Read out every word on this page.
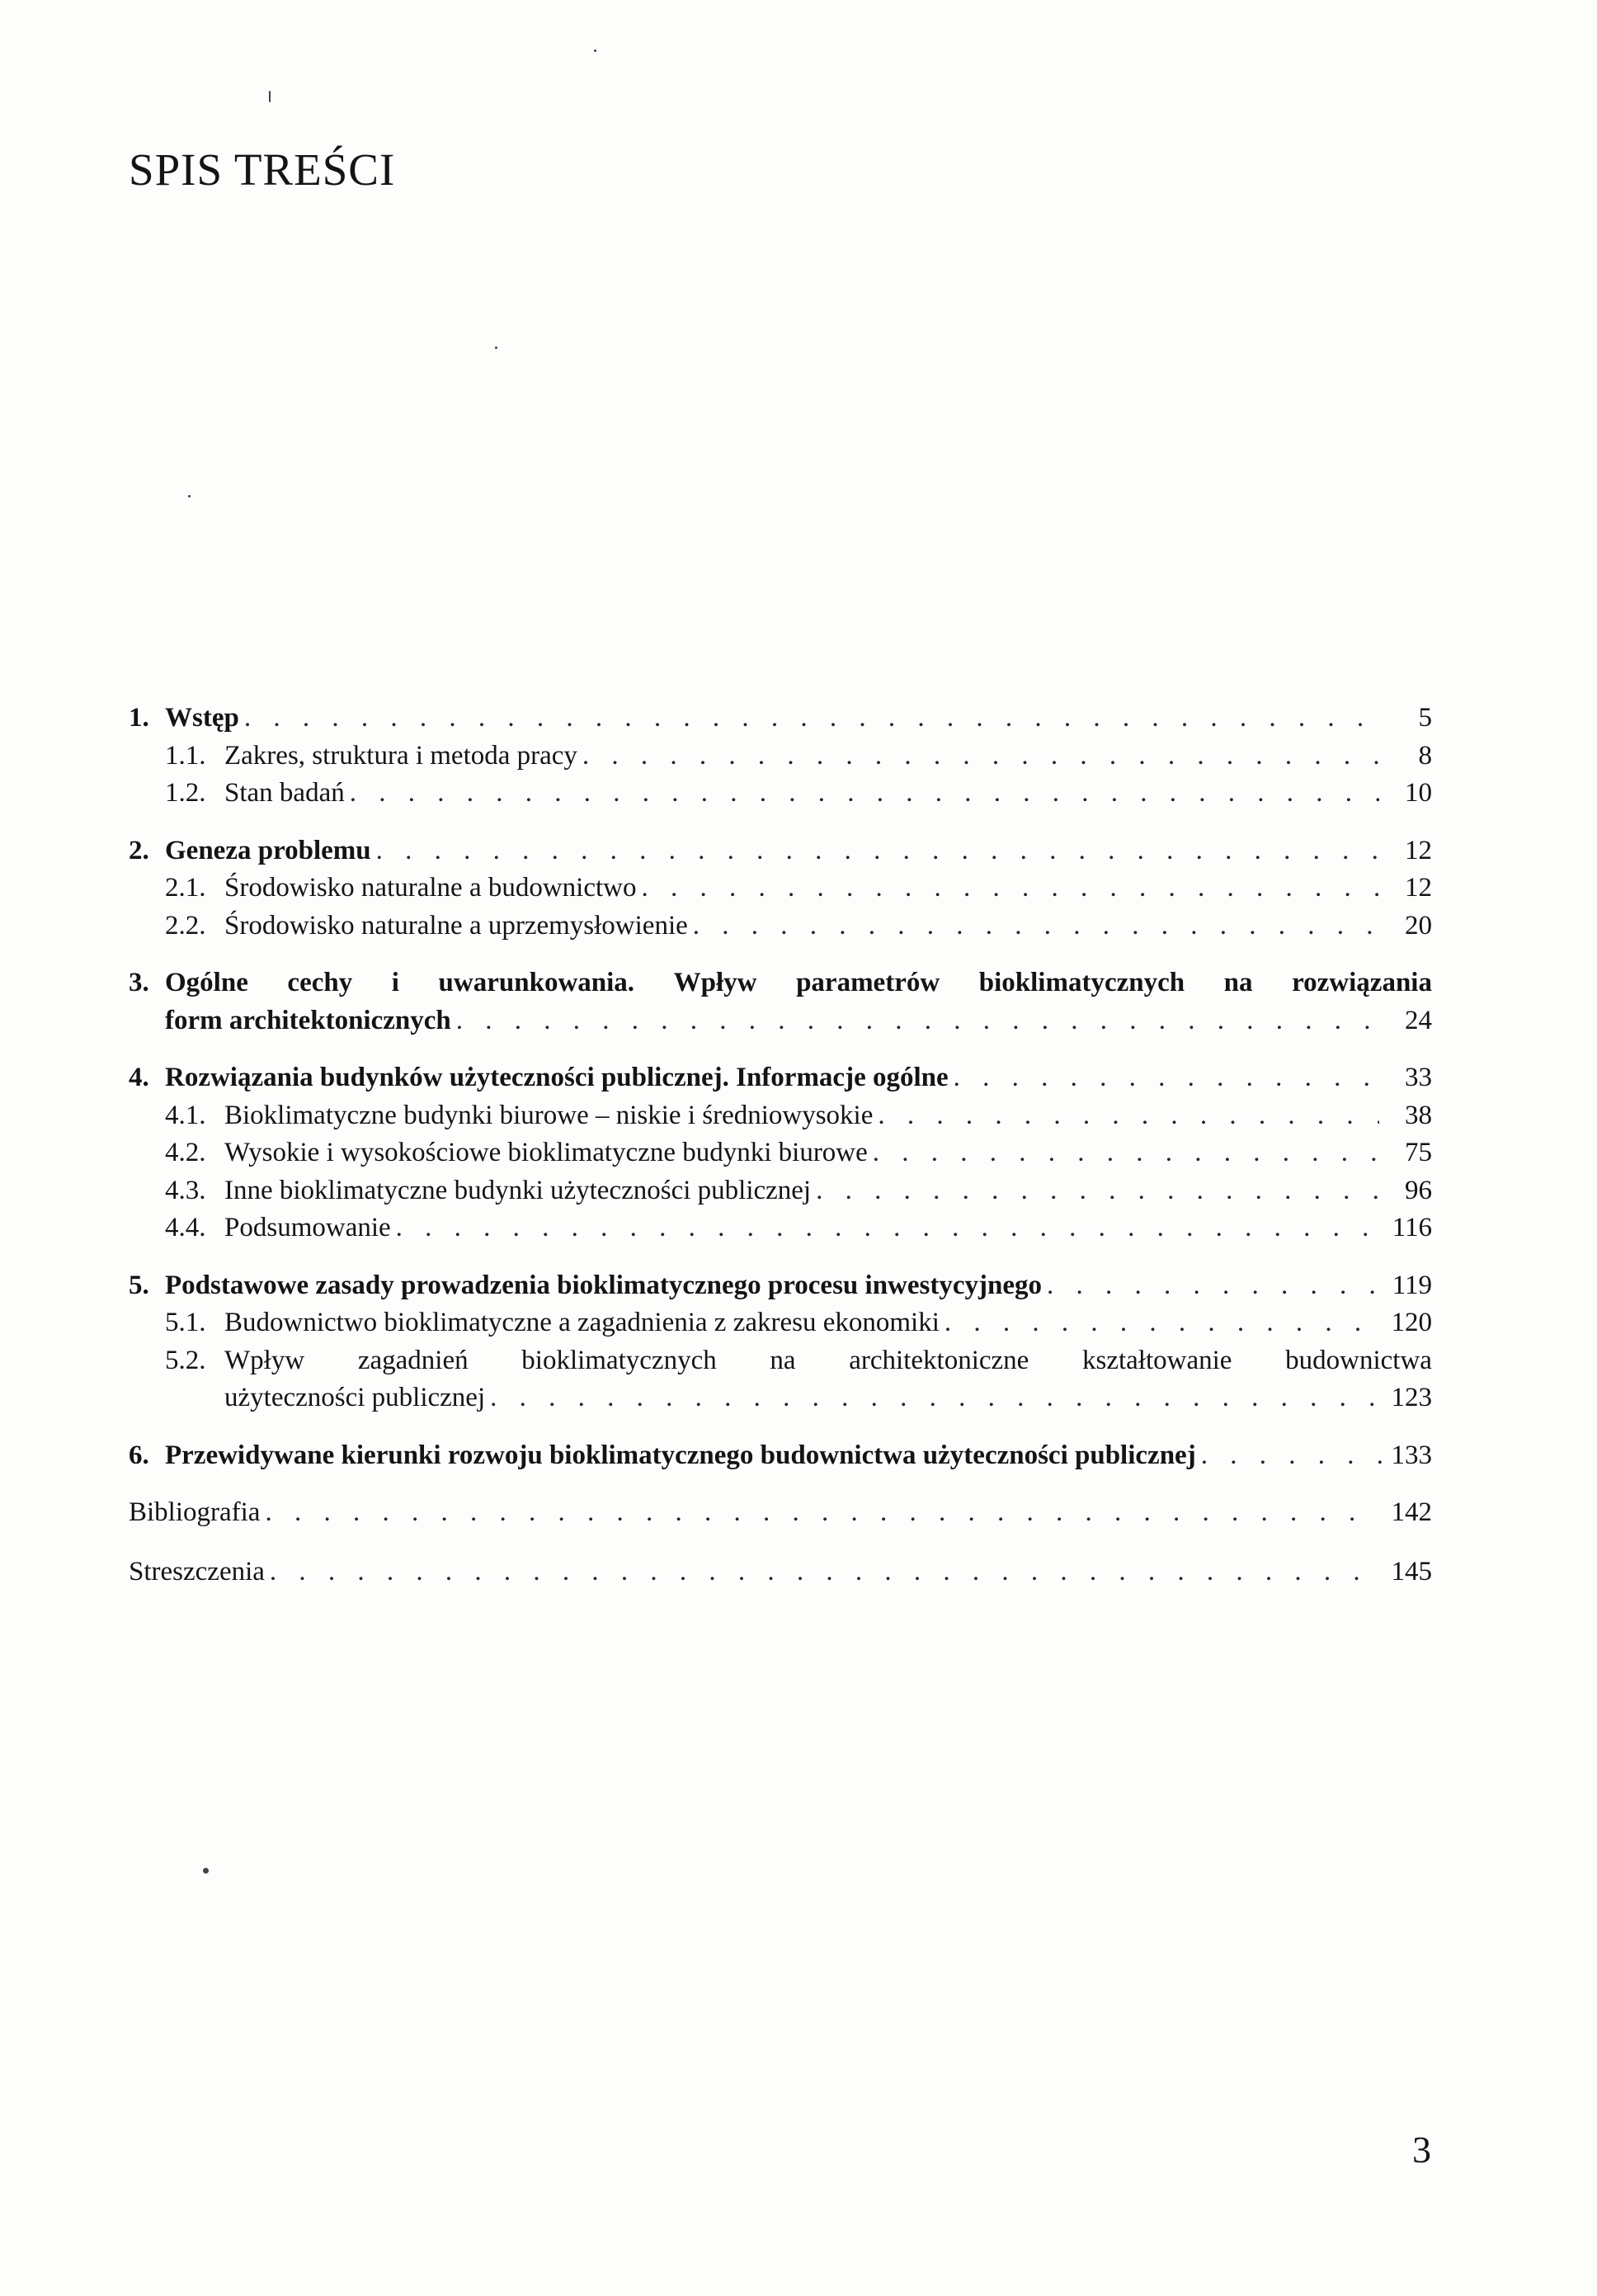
SPIS TREŚCI
1. Wstęp . . .	5
1.1. Zakres, struktura i metoda pracy . . .	8
1.2. Stan badań . . .	10
2. Geneza problemu . . .	12
2.1. Środowisko naturalne a budownictwo . . .	12
2.2. Środowisko naturalne a uprzemysłowienie . . .	20
3. Ogólne cechy i uwarunkowania. Wpływ parametrów bioklimatycznych na rozwiązania
form architektonicznych . . .	24
4. Rozwiązania budynków użyteczności publicznej. Informacje ogólne . . .	33
4.1. Bioklimatyczne budynki biurowe – niskie i średniowysokie . . .	38
4.2. Wysokie i wysokościowe bioklimatyczne budynki biurowe . . .	75
4.3. Inne bioklimatyczne budynki użyteczności publicznej . . .	96
4.4. Podsumowanie . . .	116
5. Podstawowe zasady prowadzenia bioklimatycznego procesu inwestycyjnego . . .	119
5.1. Budownictwo bioklimatyczne a zagadnienia z zakresu ekonomiki . . .	120
5.2. Wpływ zagadnień bioklimatycznych na architektoniczne kształtowanie budownictwa
użyteczności publicznej . . .	123
6. Przewidywane kierunki rozwoju bioklimatycznego budownictwa użyteczności publicznej . . .	133
Bibliografia . . .	142
Streszczenia . . .	145
3
